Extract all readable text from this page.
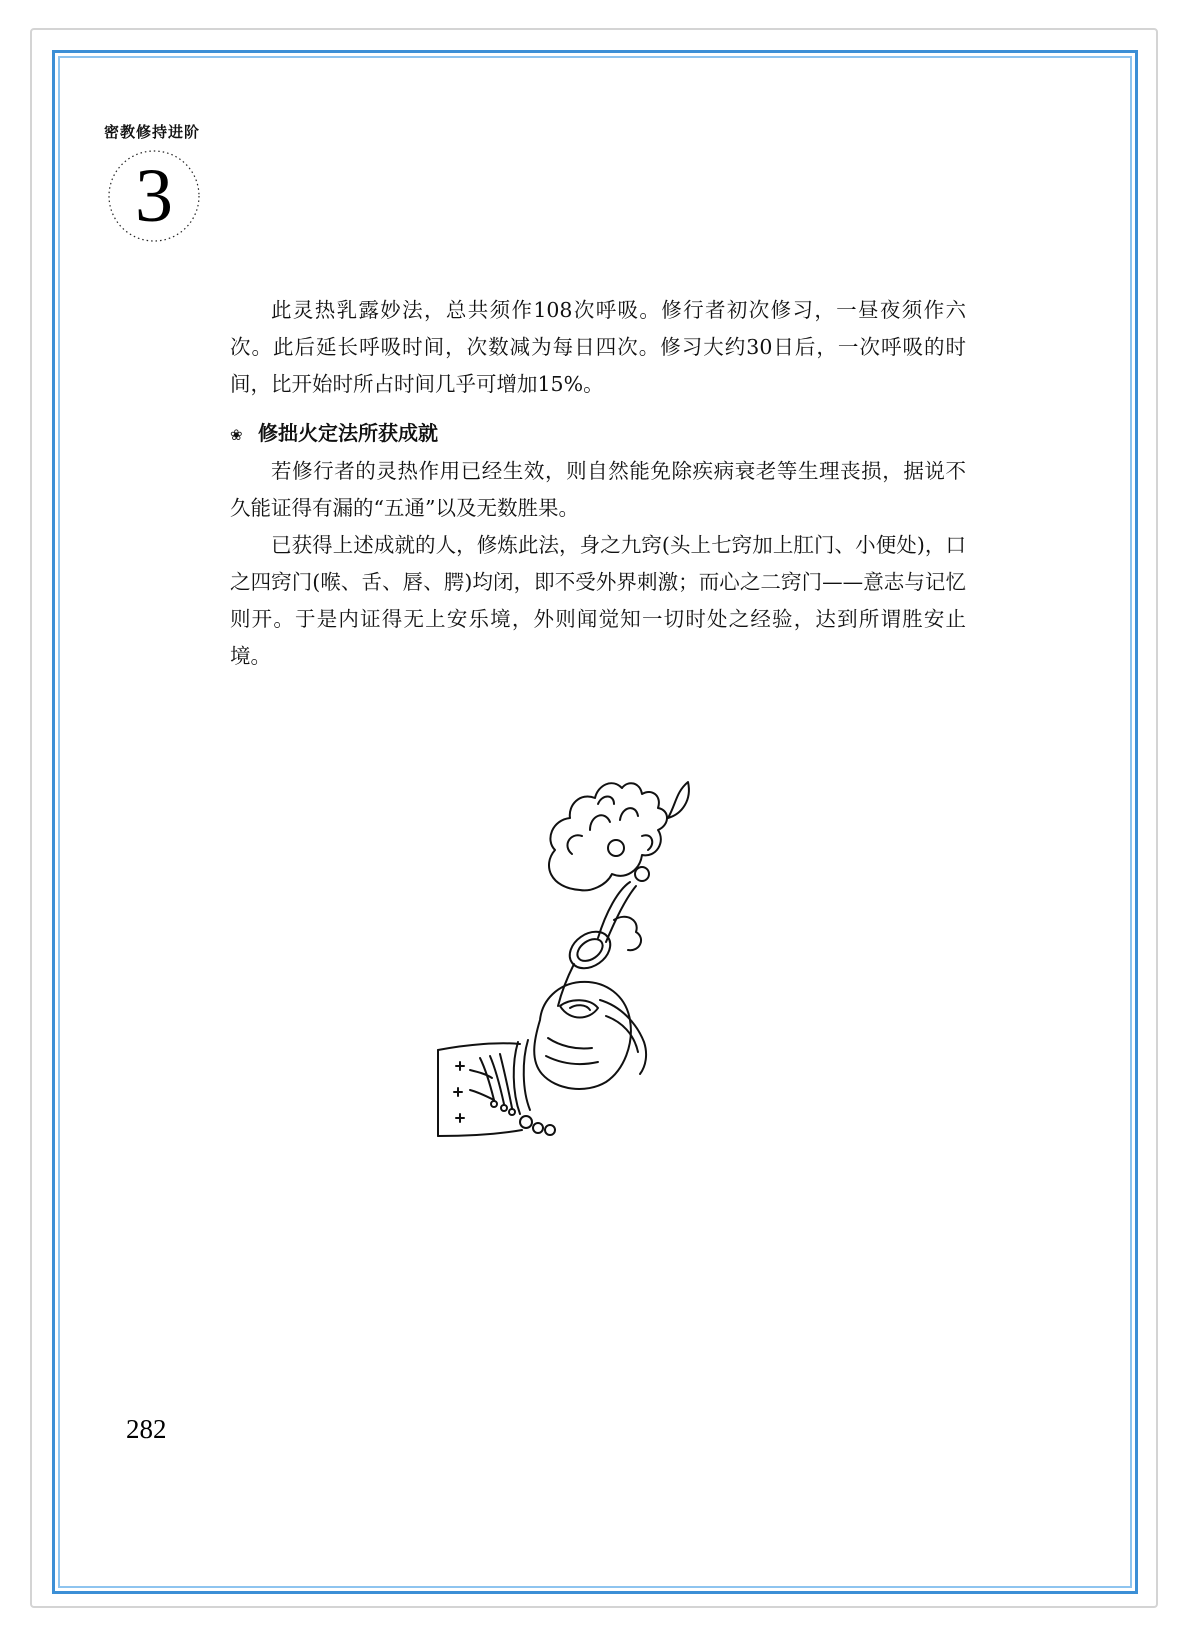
密教修持进阶
3

此灵热乳露妙法，总共须作108次呼吸。修行者初次修习，一昼夜须作六次。此后延长呼吸时间，次数减为每日四次。修习大约30日后，一次呼吸的时间，比开始时所占时间几乎可增加15%。

❀ 修拙火定法所获成就

若修行者的灵热作用已经生效，则自然能免除疾病衰老等生理丧损，据说不久能证得有漏的“五通”以及无数胜果。

已获得上述成就的人，修炼此法，身之九窍(头上七窍加上肛门、小便处)，口之四窍门(喉、舌、唇、腭)均闭，即不受外界刺激；而心之二窍门——意志与记忆则开。于是内证得无上安乐境，外则闻觉知一切时处之经验，达到所谓胜安止境。

282
